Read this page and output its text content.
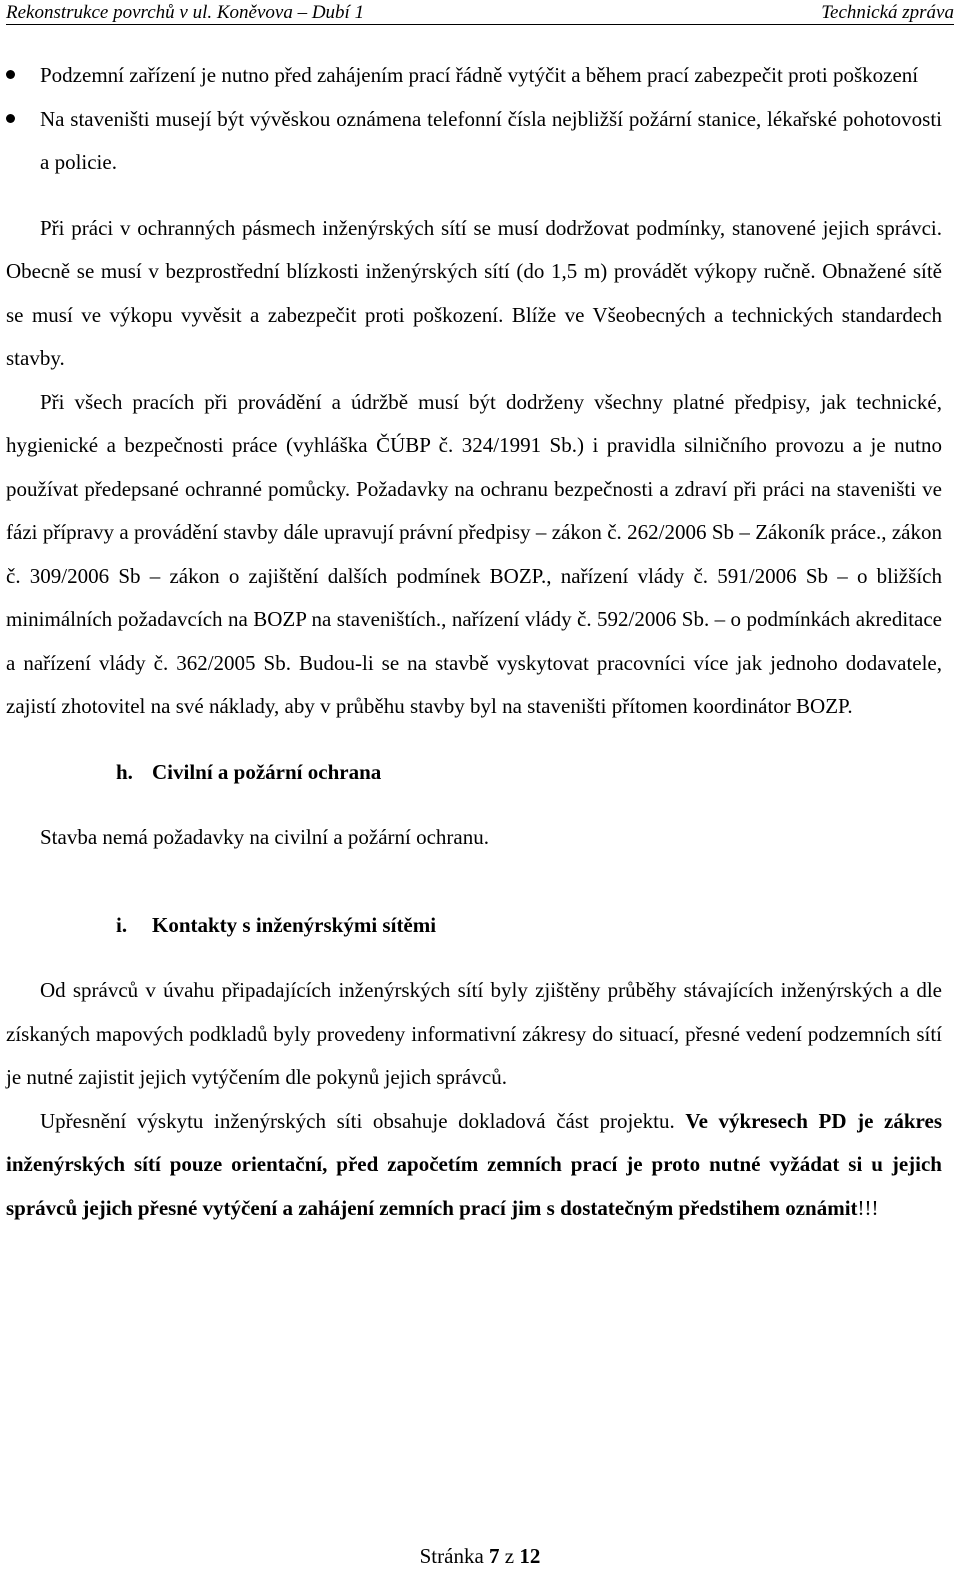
Rekonstrukce povrchů v ul. Koněvova – Dubí 1	Technická zpráva
Podzemní zařízení je nutno před zahájením prací řádně vytýčit a během prací zabezpečit proti poškození
Na staveništi musejí být vývěskou oznámena telefonní čísla nejbližší požární stanice, lékařské pohotovosti a policie.

Při práci v ochranných pásmech inženýrských sítí se musí dodržovat podmínky, stanovené jejich správci. Obecně se musí v bezprostřední blízkosti inženýrských sítí (do 1,5 m) provádět výkopy ručně. Obnažené sítě se musí ve výkopu vyvěsit a zabezpečit proti poškození. Blíže ve Všeobecných a technických standardech stavby.

Při všech pracích při provádění a údržbě musí být dodrženy všechny platné předpisy, jak technické, hygienické a bezpečnosti práce (vyhláška ČÚBP č. 324/1991 Sb.) i pravidla silničního provozu a je nutno používat předepsané ochranné pomůcky. Požadavky na ochranu bezpečnosti a zdraví při práci na staveništi ve fázi přípravy a provádění stavby dále upravují právní předpisy – zákon č. 262/2006 Sb – Zákoník práce., zákon č. 309/2006 Sb – zákon o zajištění dalších podmínek BOZP., nařízení vlády č. 591/2006 Sb – o bližších minimálních požadavcích na BOZP na staveništích., nařízení vlády č. 592/2006 Sb. – o podmínkách akreditace a nařízení vlády č. 362/2005 Sb. Budou-li se na stavbě vyskytovat pracovníci více jak jednoho dodavatele, zajistí zhotovitel na své náklady, aby v průběhu stavby byl na staveništi přítomen koordinátor BOZP.

h. Civilní a požární ochrana

Stavba nemá požadavky na civilní a požární ochranu.

i. Kontakty s inženýrskými sítěmi

Od správců v úvahu připadajících inženýrských sítí byly zjištěny průběhy stávajících inženýrských a dle získaných mapových podkladů byly provedeny informativní zákresy do situací, přesné vedení podzemních sítí je nutné zajistit jejich vytýčením dle pokynů jejich správců.

Upřesnění výskytu inženýrských síti obsahuje dokladová část projektu. Ve výkresech PD je zákres inženýrských sítí pouze orientační, před započetím zemních prací je proto nutné vyžádat si u jejich správců jejich přesné vytýčení a zahájení zemních prací jim s dostatečným předstihem oznámit!!!

Stránka 7 z 12
